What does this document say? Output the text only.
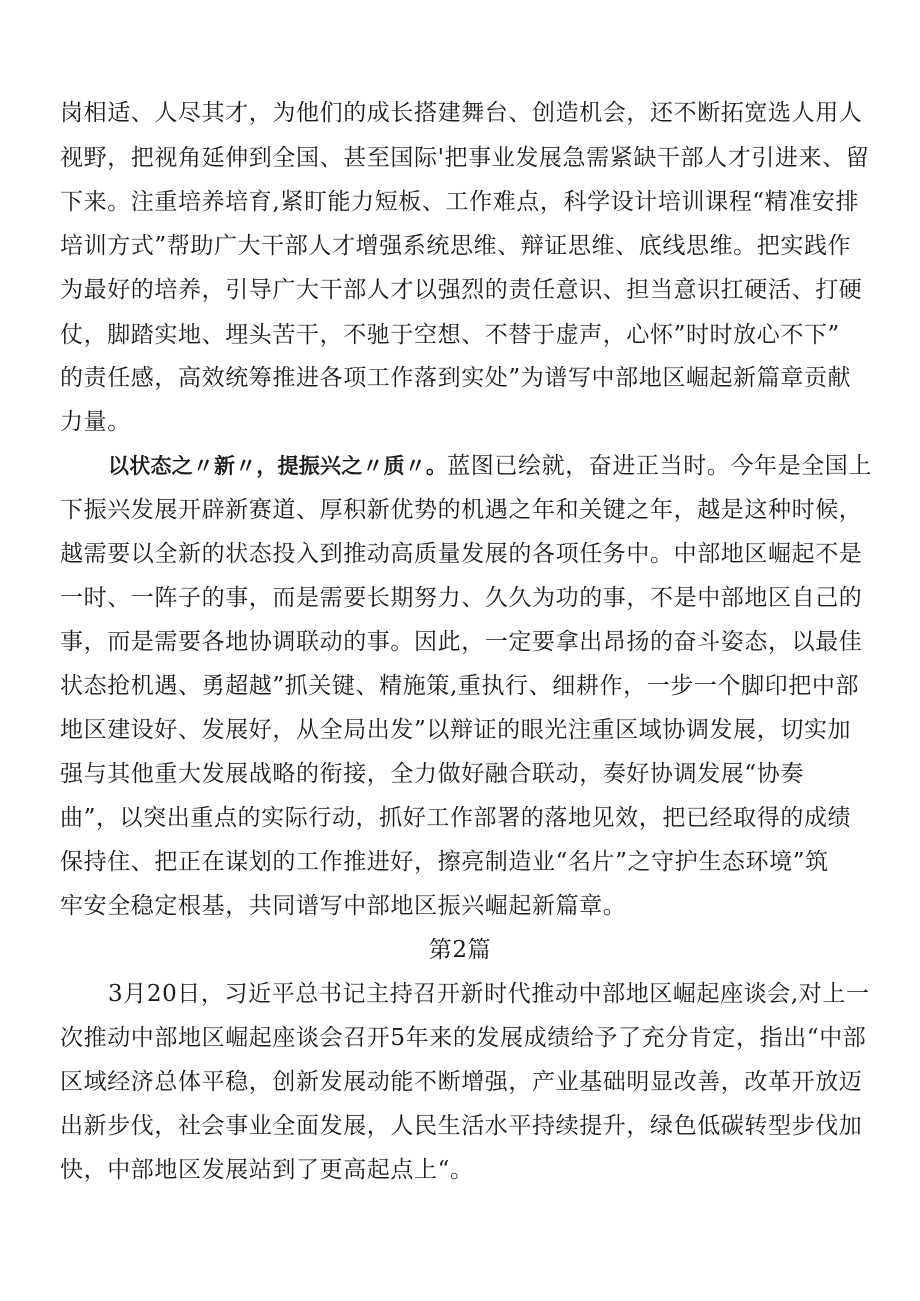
岗相适、人尽其才，为他们的成长搭建舞台、创造机会，还不断拓宽选人用人
视野，把视角延伸到全国、甚至国际'把事业发展急需紧缺干部人才引进来、留
下来。注重培养培育,紧盯能力短板、工作难点，科学设计培训课程“精准安排
培训方式”帮助广大干部人才增强系统思维、辩证思维、底线思维。把实践作
为最好的培养，引导广大干部人才以强烈的责任意识、担当意识扛硬活、打硬
仗，脚踏实地、埋头苦干，不驰于空想、不替于虚声，心怀”时时放心不下”
的责任感，高效统筹推进各项工作落到实处”为谱写中部地区崛起新篇章贡献
力量。
以状态之〃新〃，提振兴之〃质〃。蓝图已绘就，奋进正当时。今年是全国上
下振兴发展开辟新赛道、厚积新优势的机遇之年和关键之年，越是这种时候，
越需要以全新的状态投入到推动高质量发展的各项任务中。中部地区崛起不是
一时、一阵子的事，而是需要长期努力、久久为功的事，不是中部地区自己的
事，而是需要各地协调联动的事。因此，一定要拿出昂扬的奋斗姿态，以最佳
状态抢机遇、勇超越”抓关键、精施策,重执行、细耕作，一步一个脚印把中部
地区建设好、发展好，从全局出发”以辩证的眼光注重区域协调发展，切实加
强与其他重大发展战略的衔接，全力做好融合联动，奏好协调发展“协奏
曲”，以突出重点的实际行动，抓好工作部署的落地见效，把已经取得的成绩
保持住、把正在谋划的工作推进好，擦亮制造业“名片”之守护生态环境”筑
牢安全稳定根基，共同谱写中部地区振兴崛起新篇章。
第2篇
3月20日，习近平总书记主持召开新时代推动中部地区崛起座谈会,对上一
次推动中部地区崛起座谈会召开5年来的发展成绩给予了充分肯定，指出“中部
区域经济总体平稳，创新发展动能不断增强，产业基础明显改善，改革开放迈
出新步伐，社会事业全面发展，人民生活水平持续提升，绿色低碳转型步伐加
快，中部地区发展站到了更高起点上“。
